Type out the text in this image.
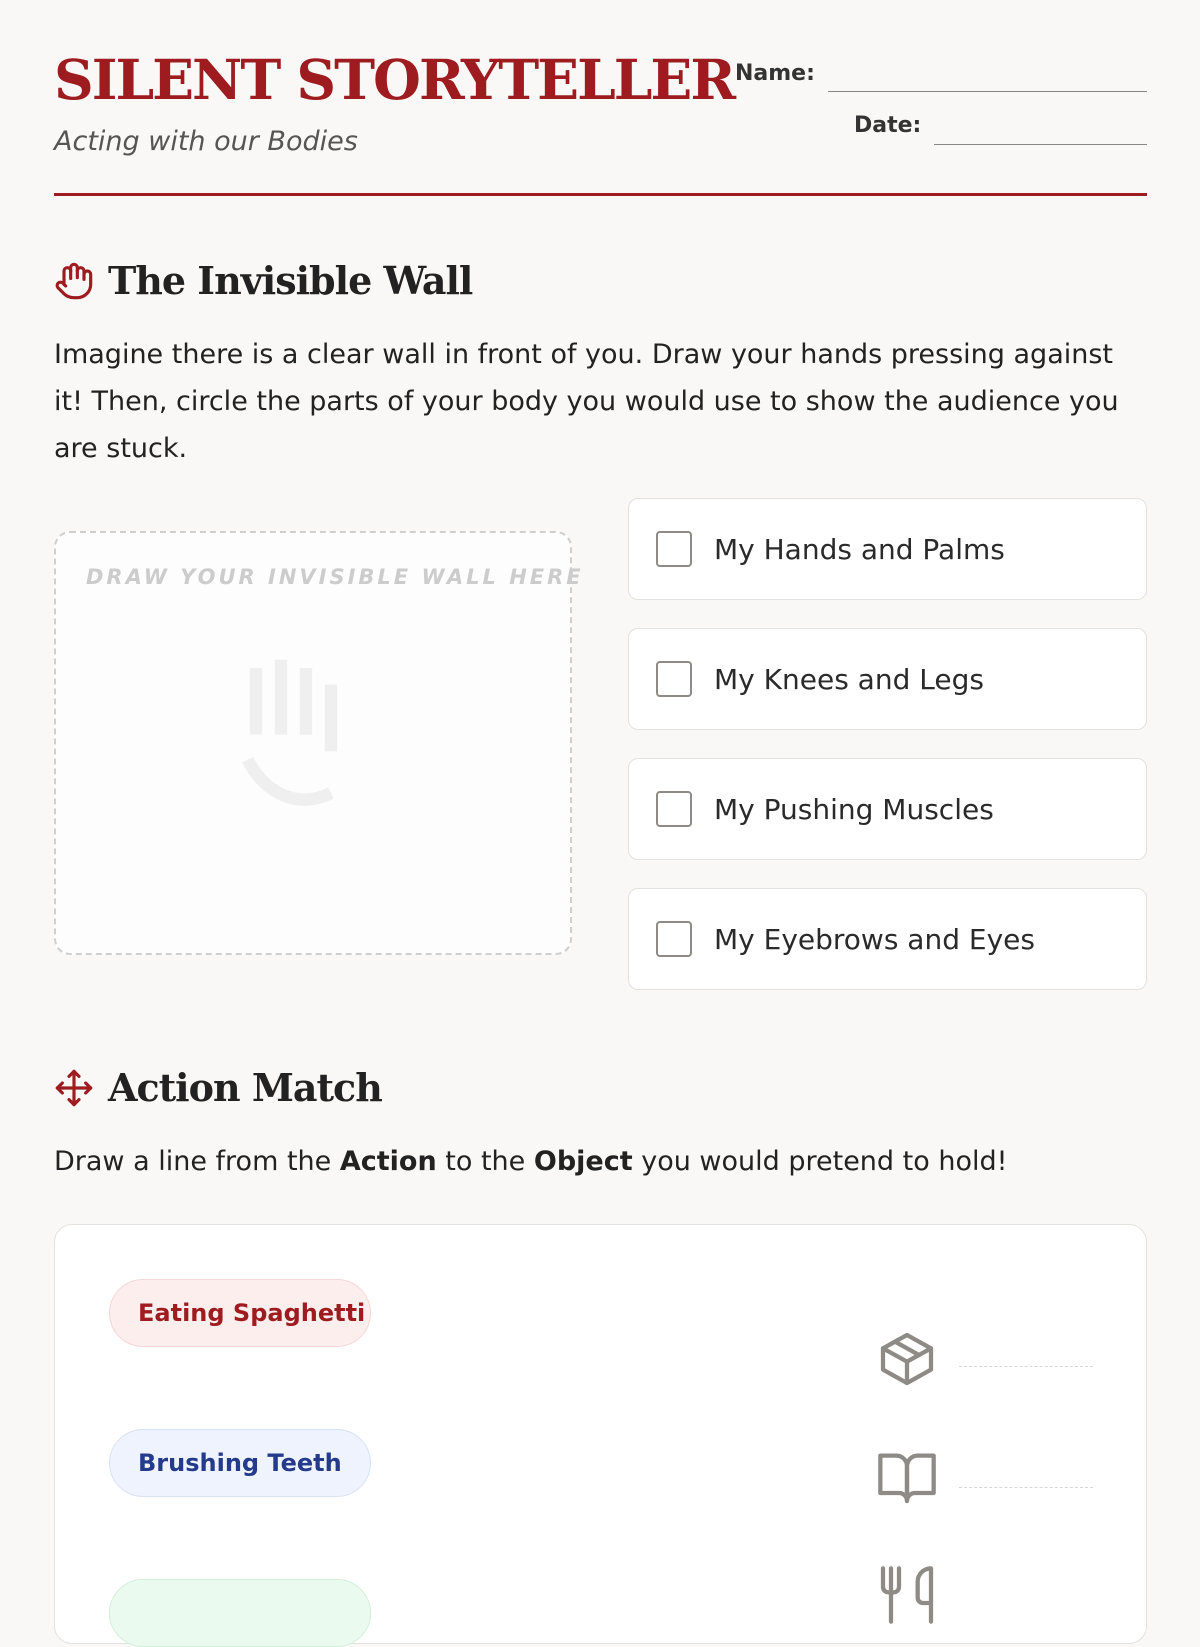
SILENT STORYTELLER
Acting with our Bodies
Name:
Date:
The Invisible Wall
Imagine there is a clear wall in front of you. Draw your hands pressing against it! Then, circle the parts of your body you would use to show the audience you are stuck.
DRAW YOUR INVISIBLE WALL HERE
My Hands and Palms
My Knees and Legs
My Pushing Muscles
My Eyebrows and Eyes
Action Match
Draw a line from the Action to the Object you would pretend to hold!
Eating Spaghetti
Brushing Teeth
